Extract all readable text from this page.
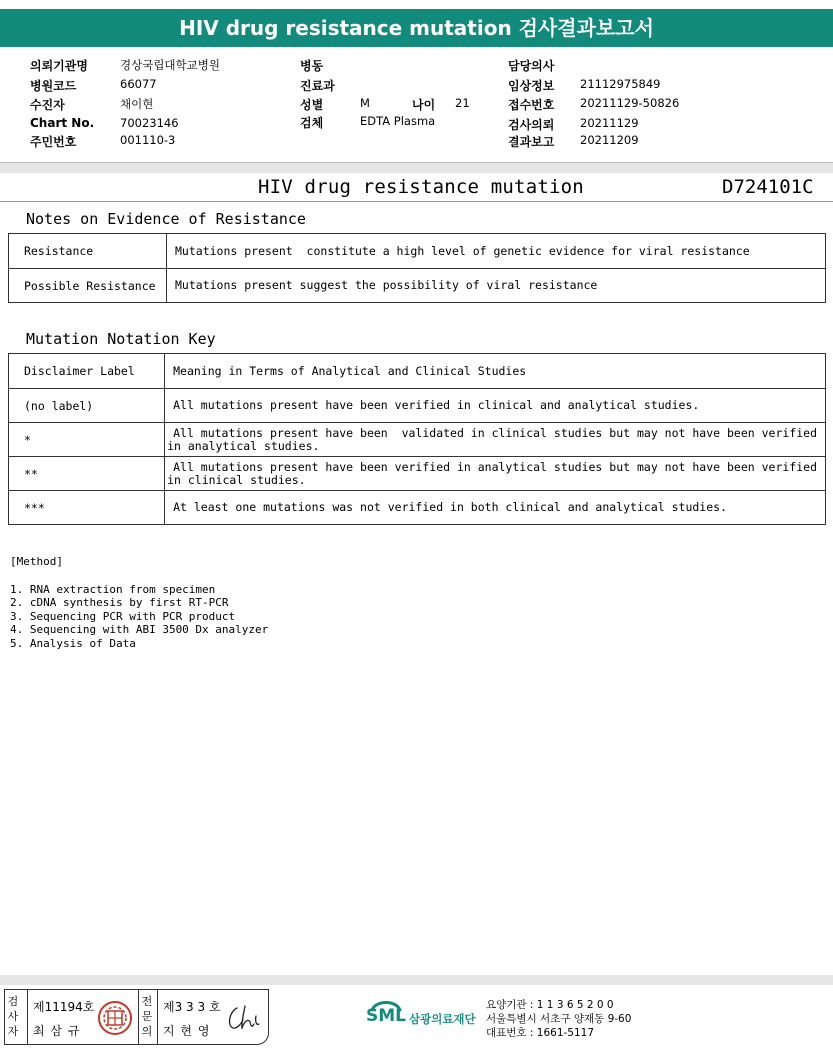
HIV drug resistance mutation 검사결과보고서
의뢰기관명	경상국립대학교병원
병원코드	66077
수진자	채이현
Chart No. 70023146
주민번호	001110-3
병동
진료과
성별	M	나이 21
검체	EDTA Plasma
담당의사
임상정보 21112975849
접수번호 20211129-50826
검사의뢰 20211129
결과보고 20211209
HIV drug resistance mutation	D724101C
Notes on Evidence of Resistance
Resistance	Mutations present  constitute a high level of genetic evidence for viral resistance
Possible Resistance	Mutations present suggest the possibility of viral resistance
Mutation Notation Key
Disclaimer Label	Meaning in Terms of Analytical and Clinical Studies
(no label)	All mutations present have been verified in clinical and analytical studies.
*	All mutations present have been  validated in clinical studies but may not have been verified
in analytical studies.

**	All mutations present have been verified in analytical studies but may not have been verified
in clinical studies.

***	At least one mutations was not verified in both clinical and analytical studies.
[Method]
1. RNA extraction from specimen
2. cDNA synthesis by first RT-PCR
3. Sequencing PCR with PCR product
4. Sequencing with ABI 3500 Dx analyzer
5. Analysis of Data
검사자
제11194호
최 삼 규
전문의
제3 3 3 호
지 현 영
SML 삼광의료재단
요양기관 : 1 1 3 6 5 2 0 0
서울특별시 서초구 양재동 9-60
대표번호 : 1661-5117
